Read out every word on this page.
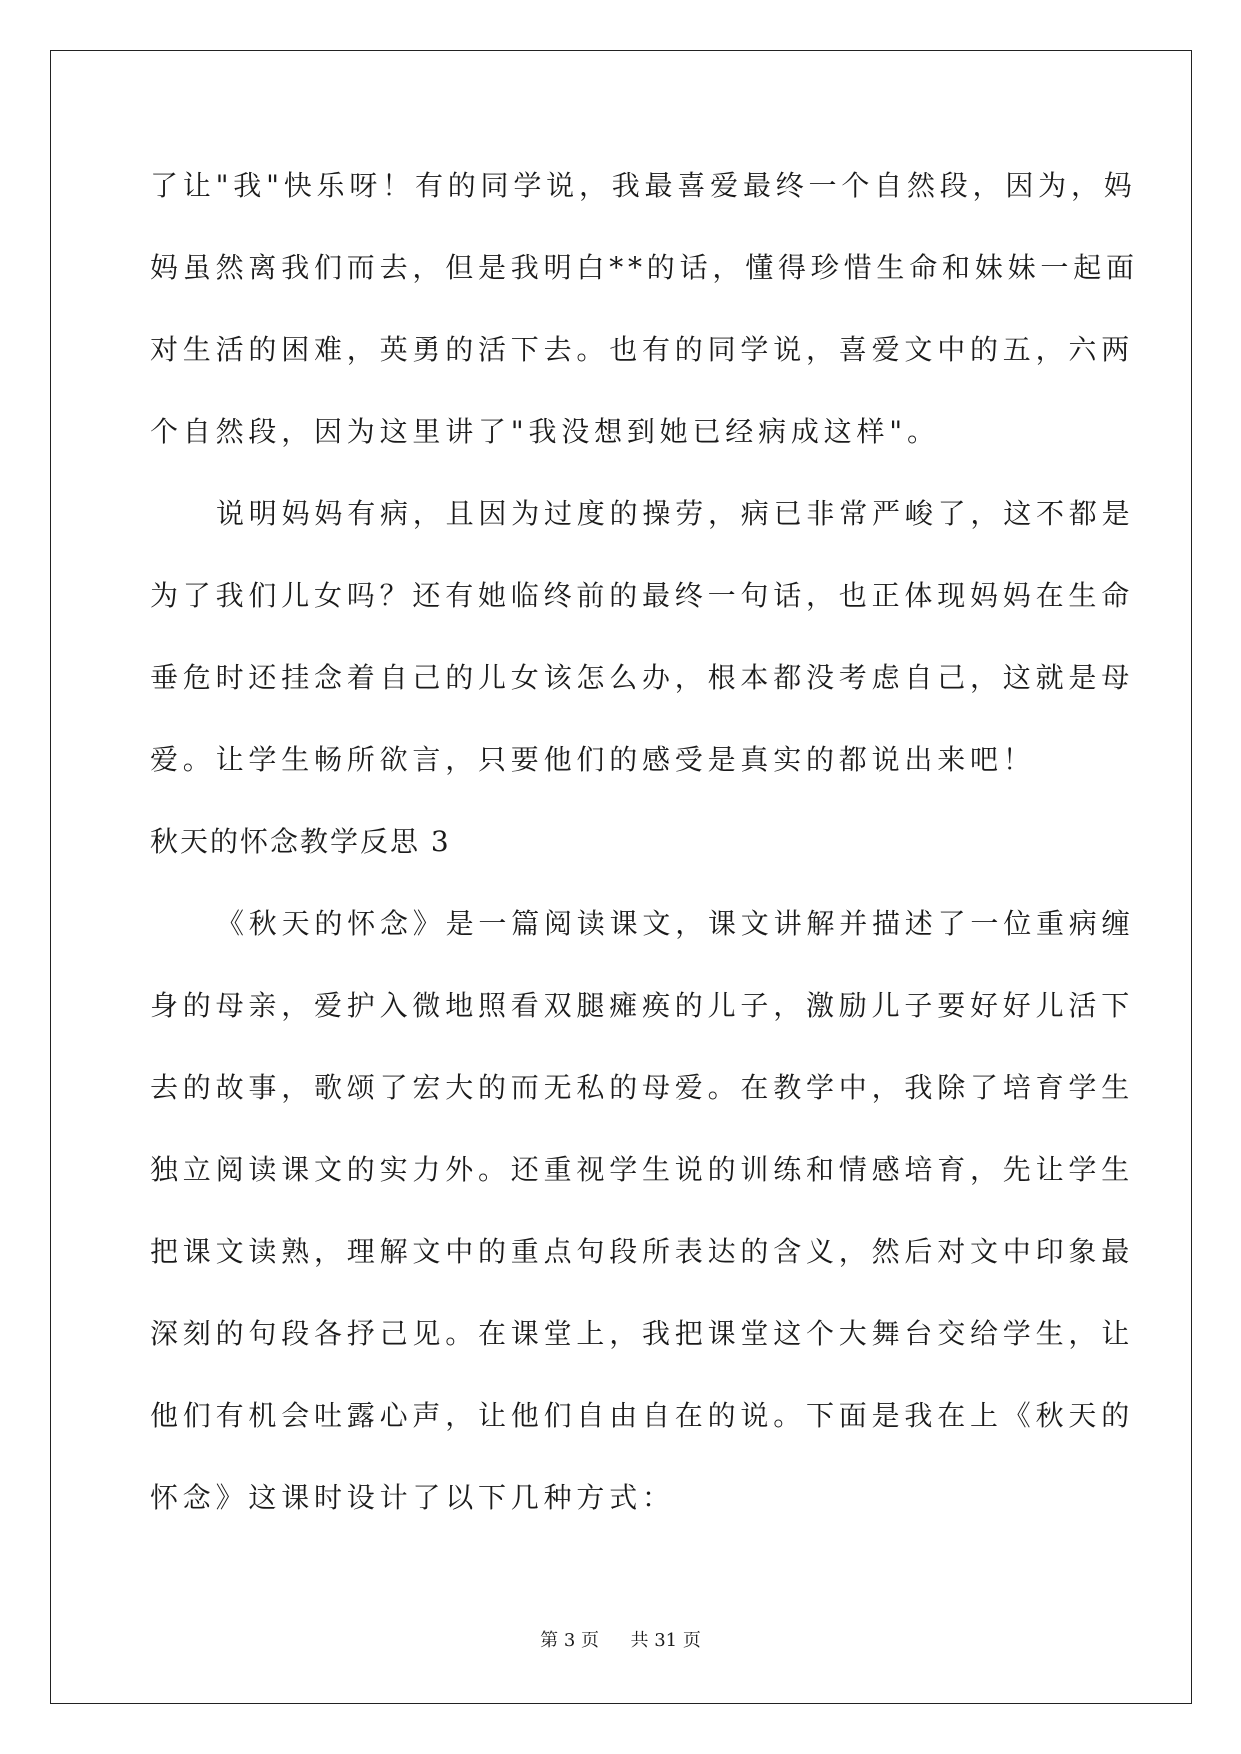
了让"我"快乐呀！有的同学说，我最喜爱最终一个自然段，因为，妈
妈虽然离我们而去，但是我明白**的话，懂得珍惜生命和妹妹一起面
对生活的困难，英勇的活下去。也有的同学说，喜爱文中的五，六两
个自然段，因为这里讲了"我没想到她已经病成这样"。
说明妈妈有病，且因为过度的操劳，病已非常严峻了，这不都是
为了我们儿女吗？还有她临终前的最终一句话，也正体现妈妈在生命
垂危时还挂念着自己的儿女该怎么办，根本都没考虑自己，这就是母
爱。让学生畅所欲言，只要他们的感受是真实的都说出来吧！
秋天的怀念教学反思 3
《秋天的怀念》是一篇阅读课文，课文讲解并描述了一位重病缠
身的母亲，爱护入微地照看双腿瘫痪的儿子，激励儿子要好好儿活下
去的故事，歌颂了宏大的而无私的母爱。在教学中，我除了培育学生
独立阅读课文的实力外。还重视学生说的训练和情感培育，先让学生
把课文读熟，理解文中的重点句段所表达的含义，然后对文中印象最
深刻的句段各抒己见。在课堂上，我把课堂这个大舞台交给学生，让
他们有机会吐露心声，让他们自由自在的说。下面是我在上《秋天的
怀念》这课时设计了以下几种方式：
第 3 页 共 31 页
